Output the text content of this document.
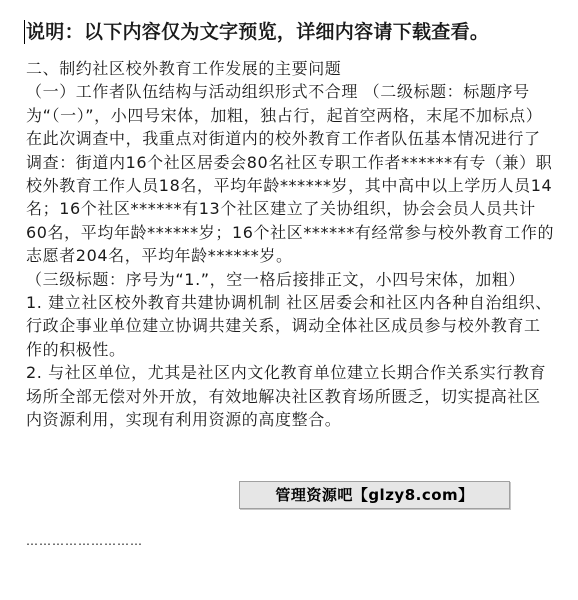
说明：以下内容仅为文字预览，详细内容请下载查看。

二、制约社区校外教育工作发展的主要问题

（一）工作者队伍结构与活动组织形式不合理 （二级标题：标题序号为“（一）”，小四号宋体，加粗，独占行，起首空两格，末尾不加标点）

在此次调查中，我重点对街道内的校外教育工作者队伍基本情况进行了调查：街道内16个社区居委会80名社区专职工作者******有专（兼）职校外教育工作人员18名，平均年龄******岁，其中高中以上学历人员14名；16个社区******有13个社区建立了关协组织，协会会员人员共计60名，平均年龄******岁；16个社区******有经常参与校外教育工作的志愿者204名，平均年龄******岁。

（三级标题：序号为“1.”，空一格后接排正文，小四号宋体，加粗）

1. 建立社区校外教育共建协调机制 社区居委会和社区内各种自治组织、行政企事业单位建立协调共建关系，调动全体社区成员参与校外教育工作的积极性。

2. 与社区单位，尤其是社区内文化教育单位建立长期合作关系实行教育场所全部无偿对外开放，有效地解决社区教育场所匮乏，切实提高社区内资源利用，实现有利用资源的高度整合。

管理资源吧【glzy8.com】
………………………
